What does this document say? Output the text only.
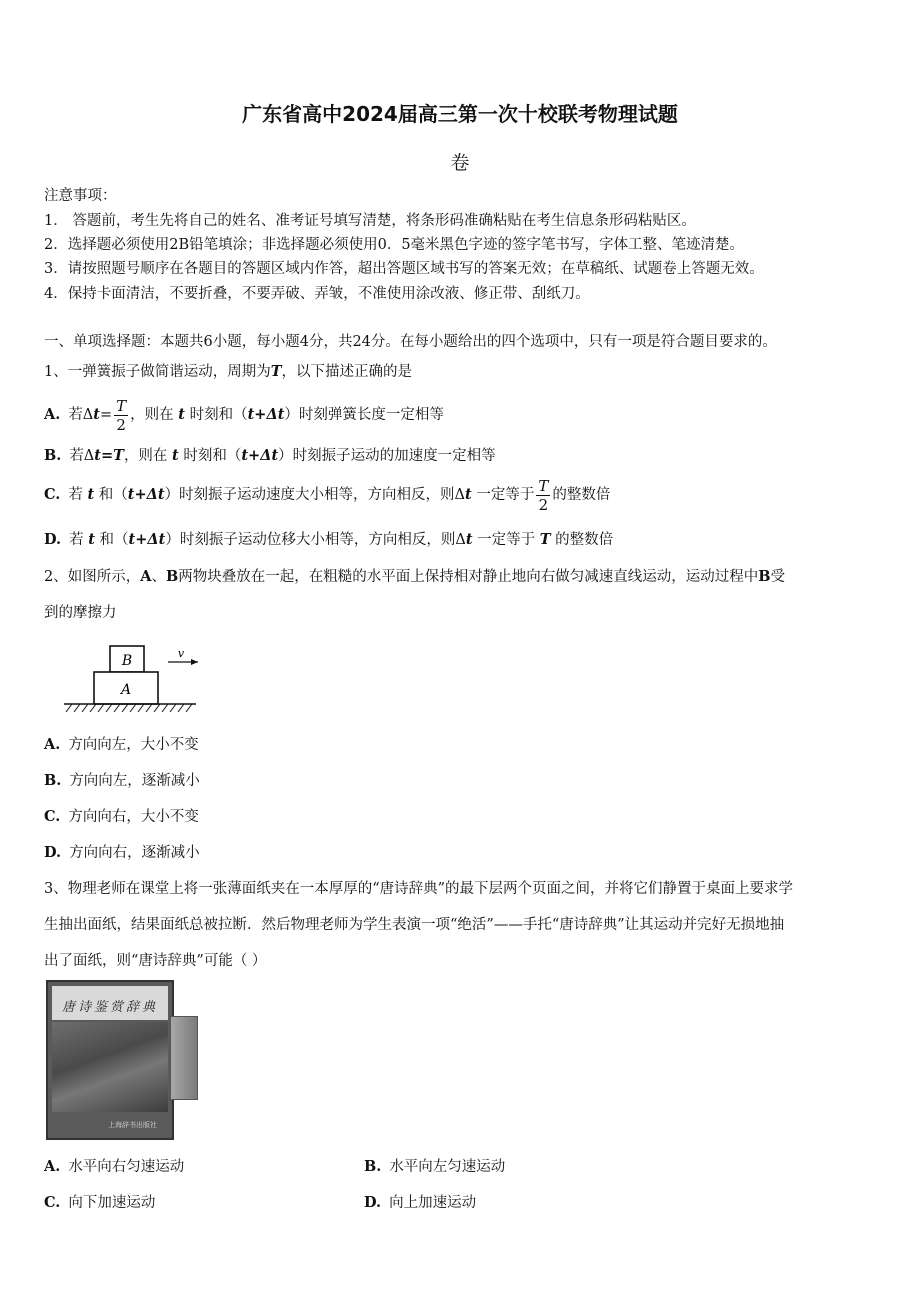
广东省高中2024届高三第一次十校联考物理试题
卷
注意事项：
1． 答题前，考生先将自己的姓名、准考证号填写清楚，将条形码准确粘贴在考生信息条形码粘贴区。
2．选择题必须使用2B铅笔填涂；非选择题必须使用0．5毫米黑色字迹的签字笔书写，字体工整、笔迹清楚。
3．请按照题号顺序在各题目的答题区域内作答，超出答题区域书写的答案无效；在草稿纸、试题卷上答题无效。
4．保持卡面清洁，不要折叠，不要弄破、弄皱，不准使用涂改液、修正带、刮纸刀。
一、单项选择题：本题共6小题，每小题4分，共24分。在每小题给出的四个选项中，只有一项是符合题目要求的。
1、一弹簧振子做简谐运动，周期为T，以下描述正确的是
A. 若$\Delta t= \frac{T}{2}$ ，则在 t 时刻和（t+Δt）时刻弹簧长度一定相等
B. 若Δt=T，则在 t 时刻和（t+Δt）时刻振子运动的加速度一定相等
C. 若 t 和（t+Δt）时刻振子运动速度大小相等，方向相反，则Δt 一定等于 $\frac{T}{2}$ 的整数倍
D. 若 t 和（t+Δt）时刻振子运动位移大小相等，方向相反，则Δt 一定等于 T 的整数倍
2、如图所示，A、B两物块叠放在一起，在粗糙的水平面上保持相对静止地向右做匀减速直线运动，运动过程中B受
到的摩擦力
B
A
v
A. 方向向左，大小不变
B. 方向向左，逐渐减小
C. 方向向右，大小不变
D. 方向向右，逐渐减小
3、物理老师在课堂上将一张薄面纸夹在一本厚厚的“唐诗辞典”的最下层两个页面之间，并将它们静置于桌面上要求学
生抽出面纸，结果面纸总被拉断．然后物理老师为学生表演一项“绝活”——手托“唐诗辞典”让其运动并完好无损地抽
出了面纸，则“唐诗辞典”可能（ ）
唐诗鉴赏辞典
上海辞书出版社
A. 水平向右匀速运动	B. 水平向左匀速运动
C. 向下加速运动	D. 向上加速运动
